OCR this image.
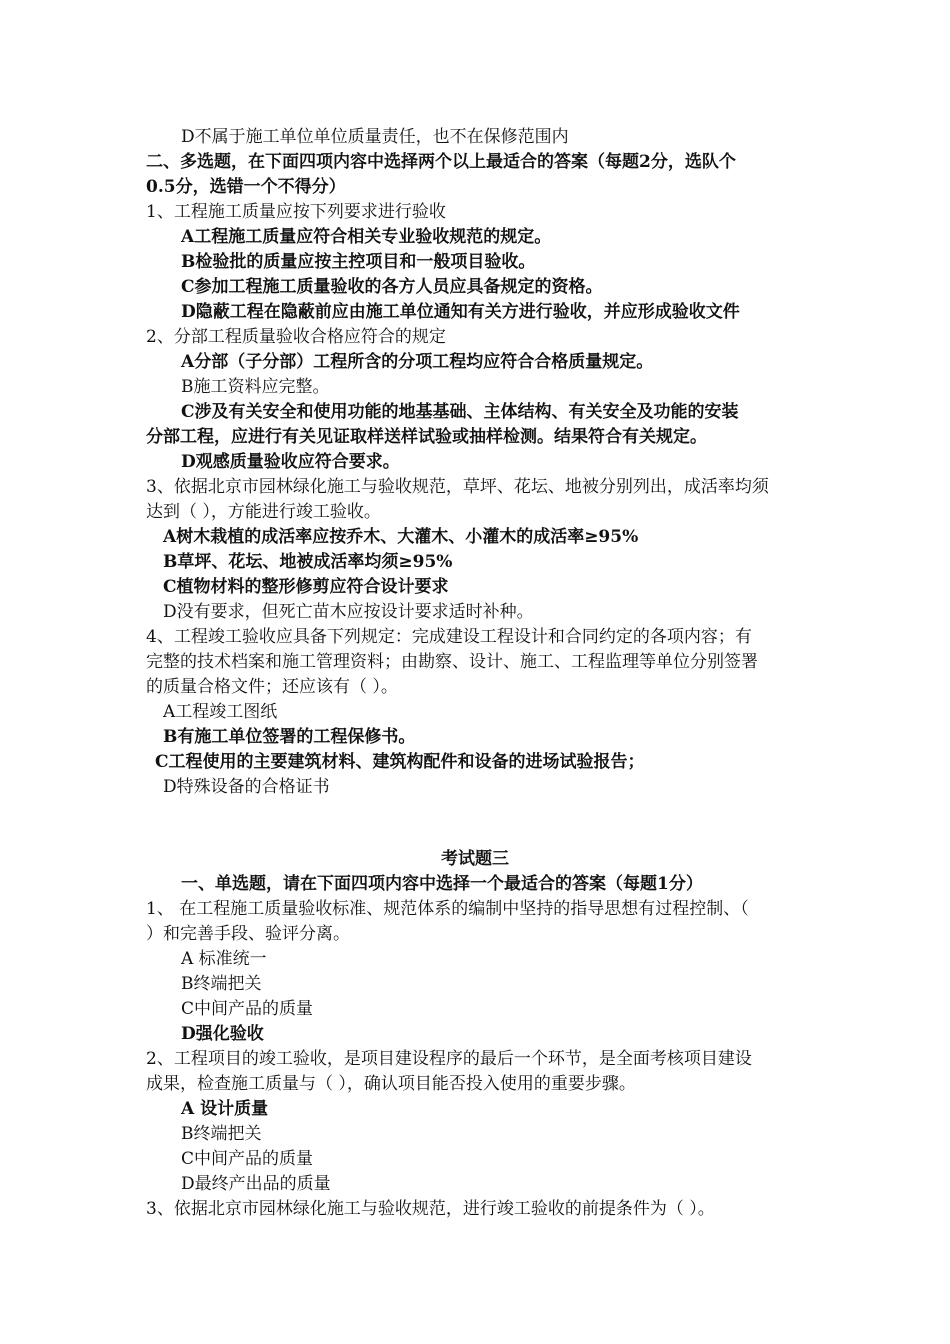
D不属于施工单位单位质量责任，也不在保修范围内

二、多选题，在下面四项内容中选择两个以上最适合的答案（每题2分，选队个

0.5分，选错一个不得分）

1、工程施工质量应按下列要求进行验收

A工程施工质量应符合相关专业验收规范的规定。

B检验批的质量应按主控项目和一般项目验收。

C参加工程施工质量验收的各方人员应具备规定的资格。

D隐蔽工程在隐蔽前应由施工单位通知有关方进行验收，并应形成验收文件

2、分部工程质量验收合格应符合的规定

A分部（子分部）工程所含的分项工程均应符合合格质量规定。

B施工资料应完整。

C涉及有关安全和使用功能的地基基础、主体结构、有关安全及功能的安装

分部工程，应进行有关见证取样送样试验或抽样检测。结果符合有关规定。

D观感质量验收应符合要求。

3、依据北京市园林绿化施工与验收规范，草坪、花坛、地被分别列出，成活率均须

达到（ ），方能进行竣工验收。

A树木栽植的成活率应按乔木、大灌木、小灌木的成活率≥95%

B草坪、花坛、地被成活率均须≥95%

C植物材料的整形修剪应符合设计要求

D没有要求，但死亡苗木应按设计要求适时补种。

4、工程竣工验收应具备下列规定：完成建设工程设计和合同约定的各项内容；有

完整的技术档案和施工管理资料；由勘察、设计、施工、工程监理等单位分别签署

的质量合格文件；还应该有（ ）。

A工程竣工图纸

B有施工单位签署的工程保修书。

C工程使用的主要建筑材料、建筑构配件和设备的进场试验报告；

D特殊设备的合格证书

考试题三

一、单选题，请在下面四项内容中选择一个最适合的答案（每题1分）

1、 在工程施工质量验收标准、规范体系的编制中坚持的指导思想有过程控制、（

）和完善手段、验评分离。

A 标准统一

B终端把关

C中间产品的质量

D强化验收

2、工程项目的竣工验收，是项目建设程序的最后一个环节，是全面考核项目建设

成果，检查施工质量与（ ），确认项目能否投入使用的重要步骤。

A 设计质量

B终端把关

C中间产品的质量

D最终产出品的质量

3、依据北京市园林绿化施工与验收规范，进行竣工验收的前提条件为（ ）。
